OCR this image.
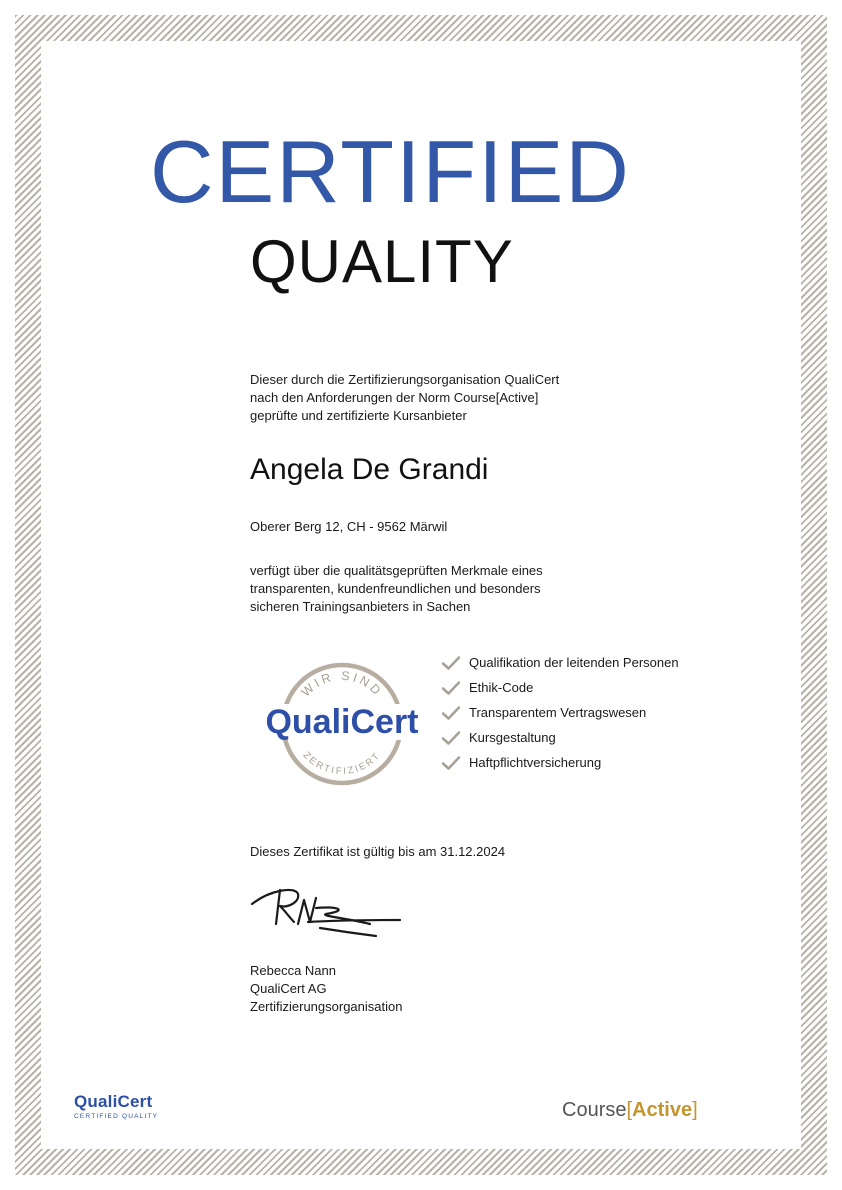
CERTIFIED
QUALITY
Dieser durch die Zertifizierungsorganisation QualiCert
nach den Anforderungen der Norm Course[Active]
geprüfte und zertifizierte Kursanbieter
Angela De Grandi
Oberer Berg 12, CH - 9562 Märwil
verfügt über die qualitätsgeprüften Merkmale eines
transparenten, kundenfreundlichen und besonders
sicheren Trainingsanbieters in Sachen
WIR SIND
ZERTIFIZIERT
QualiCert
Qualifikation der leitenden Personen
Ethik-Code
Transparentem Vertragswesen
Kursgestaltung
Haftpflichtversicherung
Dieses Zertifikat ist gültig bis am 31.12.2024
Rebecca Nann
QualiCert AG
Zertifizierungsorganisation
QualiCert
CERTIFIED QUALITY	Course[Active]
